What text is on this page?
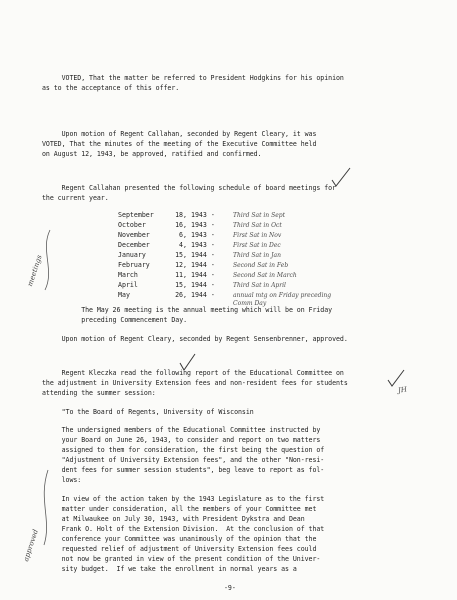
VOTED, That the matter be referred to President Hodgkins for his opinion
as to the acceptance of this offer.
Upon motion of Regent Callahan, seconded by Regent Cleary, it was
VOTED, That the minutes of the meeting of the Executive Committee held
on August 12, 1943, be approved, ratified and confirmed.
Regent Callahan presented the following schedule of board meetings for
the current year.
September	18, 1943 -	Third Sat in Sept
October	16, 1943 -	Third Sat in Oct
November	6, 1943 -	First Sat in Nov
December	4, 1943 -	First Sat in Dec
January	15, 1944 -	Third Sat in Jan
February	12, 1944 -	Second Sat in Feb
March	11, 1944 -	Second Sat in March
April	15, 1944 -	Third Sat in April
May	26, 1944 -	annual mtg on Friday preceding
Comm Day
The May 26 meeting is the annual meeting which will be on Friday
preceding Commencement Day.
Upon motion of Regent Cleary, seconded by Regent Sensenbrenner, approved.
Regent Kleczka read the following report of the Educational Committee on
the adjustment in University Extension fees and non-resident fees for students
attending the summer session:
"To the Board of Regents, University of Wisconsin
The undersigned members of the Educational Committee instructed by
your Board on June 26, 1943, to consider and report on two matters
assigned to them for consideration, the first being the question of
"Adjustment of University Extension fees", and the other "Non-resi-
dent fees for summer session students", beg leave to report as fol-
lows:
In view of the action taken by the 1943 Legislature as to the first
matter under consideration, all the members of your Committee met
at Milwaukee on July 30, 1943, with President Dykstra and Dean
Frank O. Holt of the Extension Division.  At the conclusion of that
conference your Committee was unanimously of the opinion that the
requested relief of adjustment of University Extension fees could
not now be granted in view of the present condition of the Univer-
sity budget.  If we take the enrollment in normal years as a
-9-
meetings
approved
JH
